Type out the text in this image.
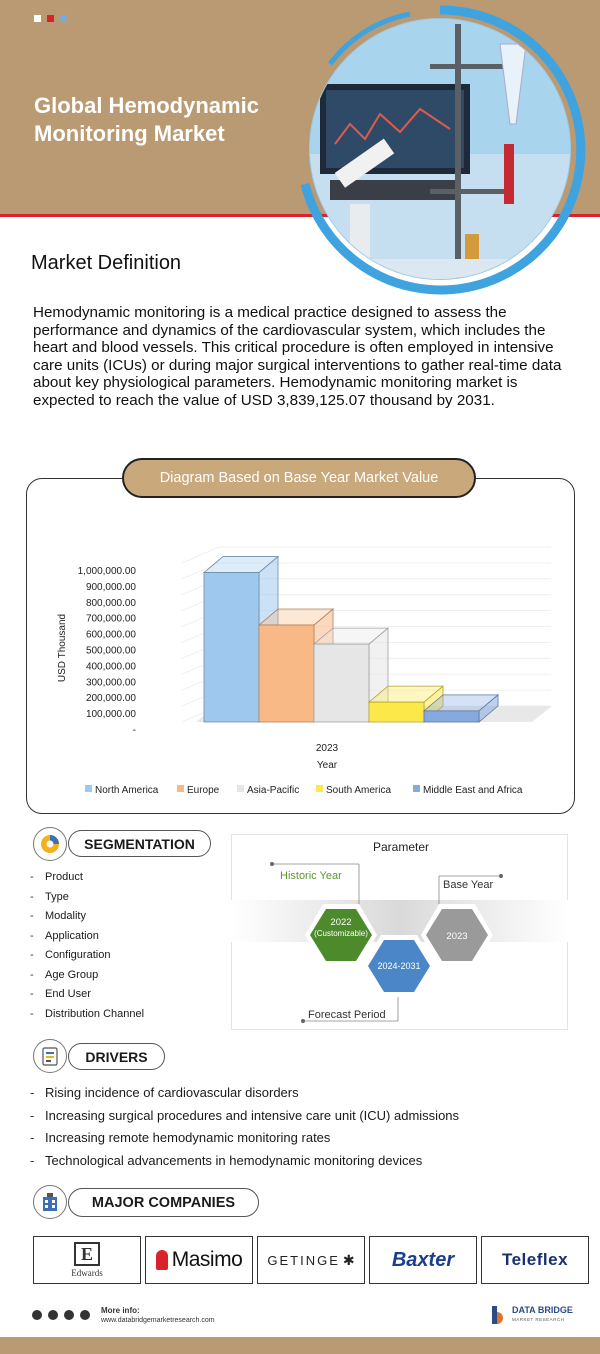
Global Hemodynamic Monitoring Market
Market Definition

Hemodynamic monitoring is a medical practice designed to assess the performance and dynamics of the cardiovascular system, which includes the heart and blood vessels. This critical procedure is often employed in intensive care units (ICUs) or during major surgical interventions to gather real-time data about key physiological parameters. Hemodynamic monitoring market is expected to reach the value of USD 3,839,125.07 thousand by 2031.

Diagram Based on Base Year Market Value
1,000,000.00
900,000.00
800,000.00
700,000.00
600,000.00
500,000.00
400,000.00
300,000.00
200,000.00
100,000.00
-
2023
Year
USD Thousand
North America	Europe	Asia-Pacific	South America	Middle East and Africa
SEGMENTATION
- Product
- Type
- Modality
- Application
- Configuration
- Age Group
- End User
- Distribution Channel
Parameter
Historic Year
Base Year
Forecast Period
2022
(Customizable)
2024-2031
2023
DRIVERS
- Rising incidence of cardiovascular disorders
- Increasing surgical procedures and intensive care unit (ICU) admissions
- Increasing remote hemodynamic monitoring rates
- Technological advancements in hemodynamic monitoring devices
MAJOR COMPANIES
E
Edwards
Masimo GETINGE ✱ Baxter	Teleflex
More info:
www.databridgemarketresearch.com
DATA BRIDGE
MARKET RESEARCH
